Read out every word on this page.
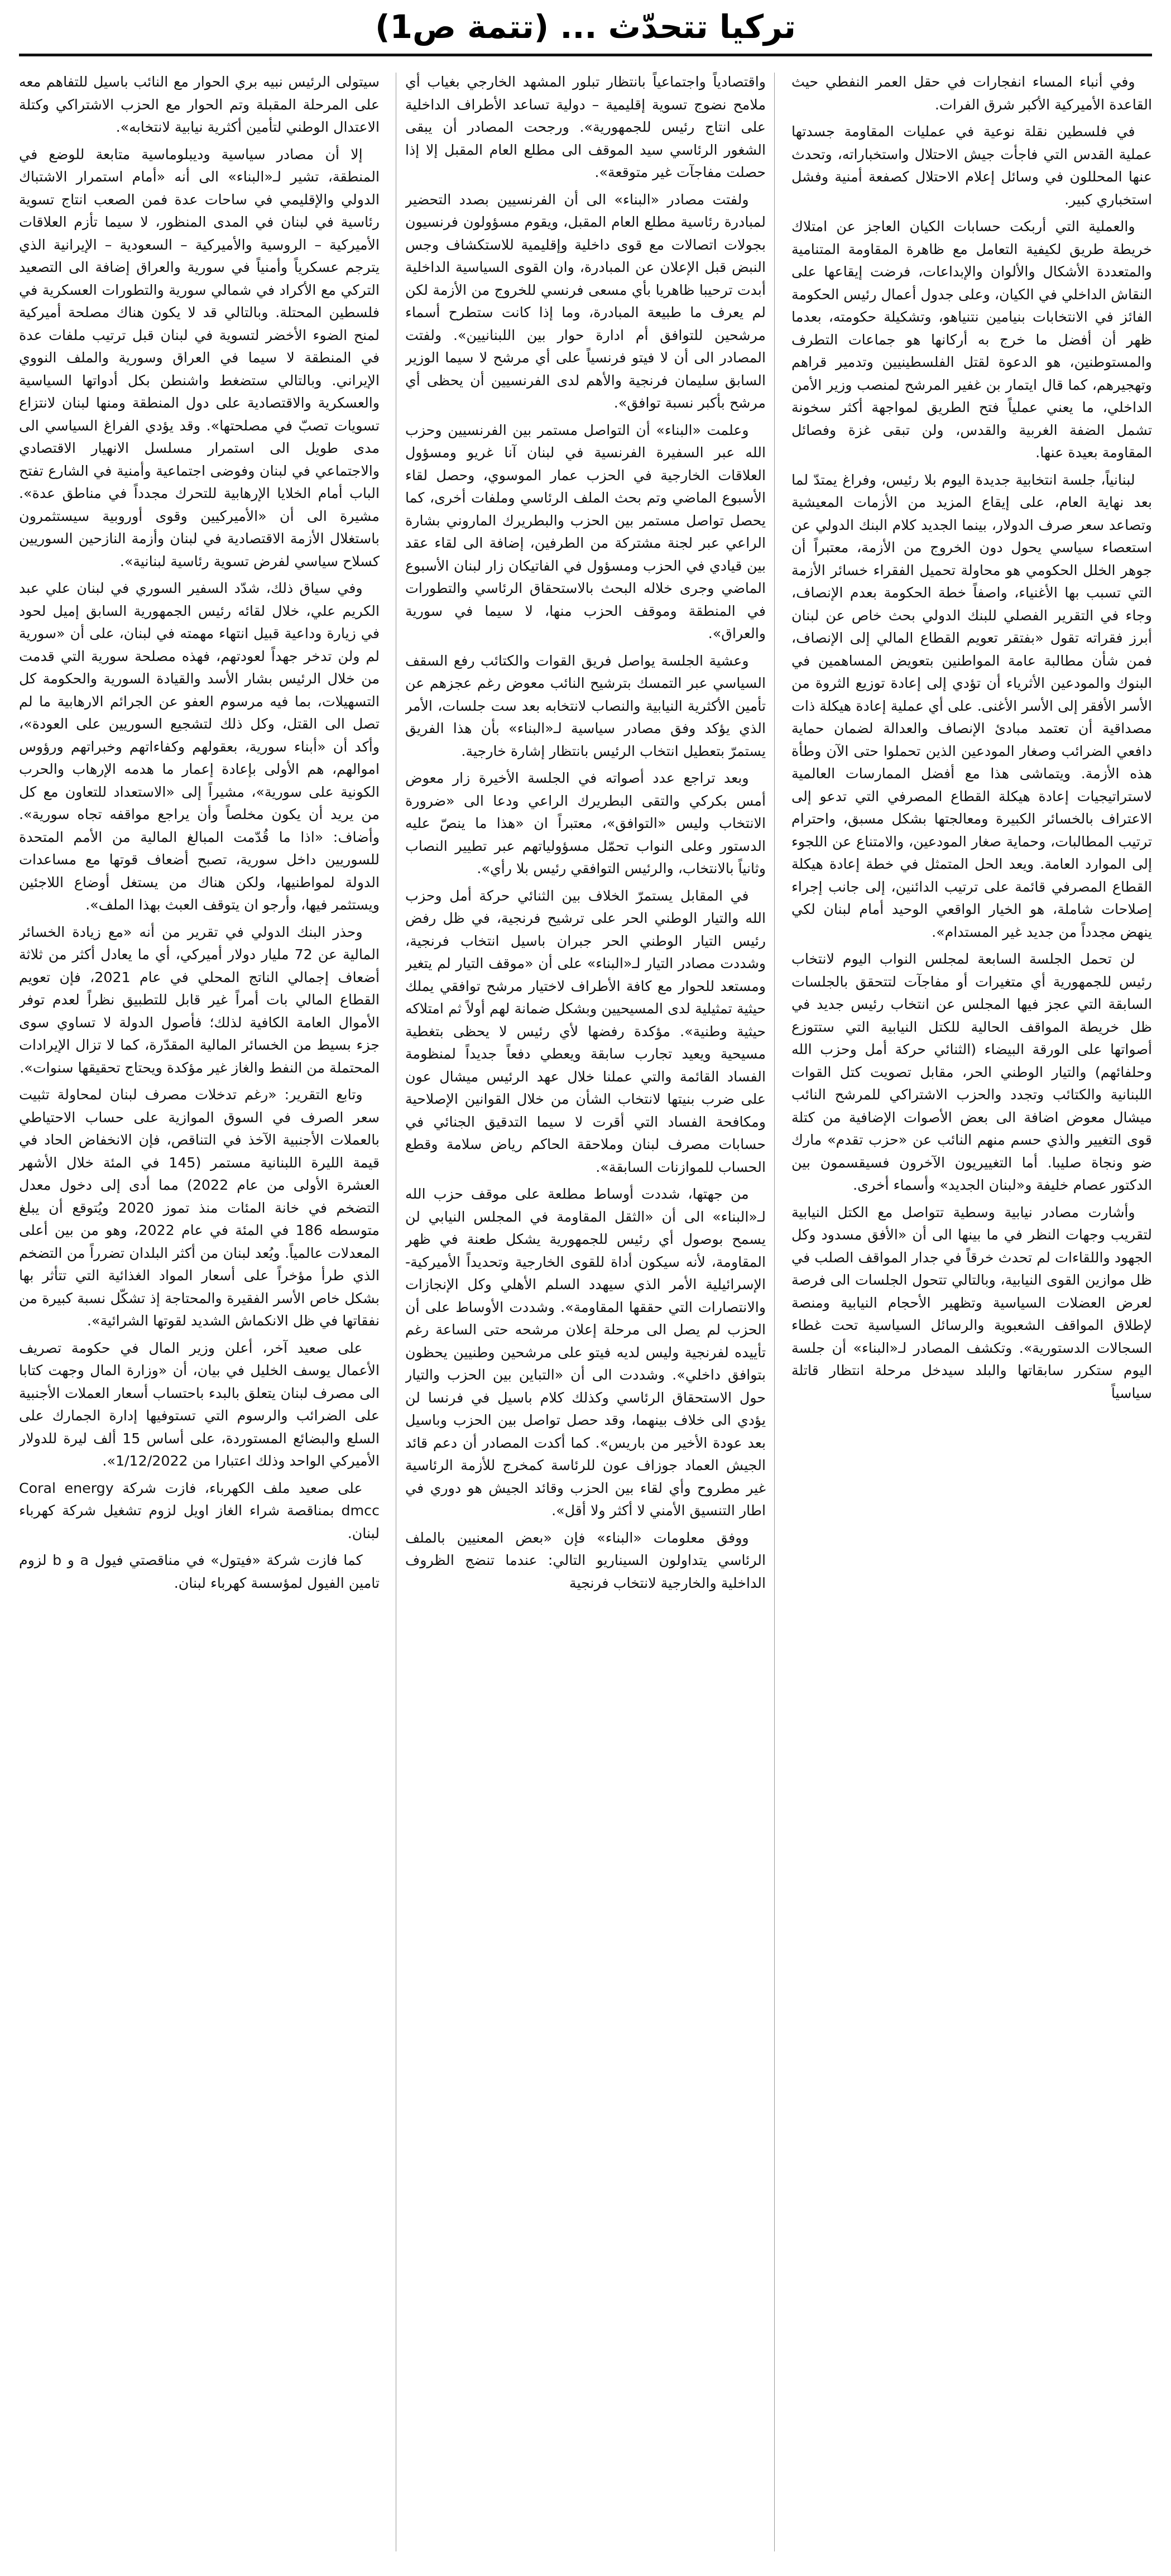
تركيا تتحدّث ... (تتمة ص1)

وفي أنباء المساء انفجارات في حقل العمر النفطي حيث القاعدة الأميركية الأكبر شرق الفرات.

في فلسطين نقلة نوعية في عمليات المقاومة جسدتها عملية القدس التي فاجأت جيش الاحتلال واستخباراته، وتحدث عنها المحللون في وسائل إعلام الاحتلال كصفعة أمنية وفشل استخباري كبير.

والعملية التي أربكت حسابات الكيان العاجز عن امتلاك خريطة طريق لكيفية التعامل مع ظاهرة المقاومة المتنامية والمتعددة الأشكال والألوان والإبداعات، فرضت إيقاعها على النقاش الداخلي في الكيان، وعلى جدول أعمال رئيس الحكومة الفائز في الانتخابات بنيامين نتنياهو، وتشكيلة حكومته، بعدما ظهر أن أفضل ما خرج به أركانها هو جماعات التطرف والمستوطنين، هو الدعوة لقتل الفلسطينيين وتدمير قراهم وتهجيرهم، كما قال ايتمار بن غفير المرشح لمنصب وزير الأمن الداخلي، ما يعني عملياً فتح الطريق لمواجهة أكثر سخونة تشمل الضفة الغربية والقدس، ولن تبقى غزة وفصائل المقاومة بعيدة عنها.

لبنانياً، جلسة انتخابية جديدة اليوم بلا رئيس، وفراغ يمتدّ لما بعد نهاية العام، على إيقاع المزيد من الأزمات المعيشية وتصاعد سعر صرف الدولار، بينما الجديد كلام البنك الدولي عن استعصاء سياسي يحول دون الخروج من الأزمة، معتبراً أن جوهر الخلل الحكومي هو محاولة تحميل الفقراء خسائر الأزمة التي تسبب بها الأغنياء، واصفاً خطة الحكومة بعدم الإنصاف، وجاء في التقرير الفصلي للبنك الدولي بحث خاص عن لبنان أبرز فقراته تقول «بفتقر تعويم القطاع المالي إلى الإنصاف، فمن شأن مطالبة عامة المواطنين بتعويض المساهمين في البنوك والمودعين الأثرياء أن تؤدي إلى إعادة توزيع الثروة من الأسر الأفقر إلى الأسر الأغنى. على أي عملية إعادة هيكلة ذات مصداقية أن تعتمد مبادئ الإنصاف والعدالة لضمان حماية دافعي الضرائب وصغار المودعين الذين تحملوا حتى الآن وطأة هذه الأزمة. ويتماشى هذا مع أفضل الممارسات العالمية لاستراتيجيات إعادة هيكلة القطاع المصرفي التي تدعو إلى الاعتراف بالخسائر الكبيرة ومعالجتها بشكل مسبق، واحترام ترتيب المطالبات، وحماية صغار المودعين، والامتناع عن اللجوء إلى الموارد العامة. ويعد الحل المتمثل في خطة إعادة هيكلة القطاع المصرفي قائمة على ترتيب الدائنين، إلى جانب إجراء إصلاحات شاملة، هو الخيار الواقعي الوحيد أمام لبنان لكي ينهض مجدداً من جديد غير المستدام».

لن تحمل الجلسة السابعة لمجلس النواب اليوم لانتخاب رئيس للجمهورية أي متغيرات أو مفاجآت لتتحقق بالجلسات السابقة التي عجز فيها المجلس عن انتخاب رئيس جديد في ظل خريطة المواقف الحالية للكتل النيابية التي ستتوزع أصواتها على الورقة البيضاء (الثنائي حركة أمل وحزب الله وحلفائهم) والتيار الوطني الحر، مقابل تصويت كتل القوات اللبنانية والكتائب وتجدد والحزب الاشتراكي للمرشح النائب ميشال معوض اضافة الى بعض الأصوات الإضافية من كتلة قوى التغيير والذي حسم منهم النائب عن «حزب تقدم» مارك ضو ونجاة صليبا. أما التغييريون الآخرون فسيقسمون بين الدكتور عصام خليفة و«لبنان الجديد» وأسماء أخرى.

وأشارت مصادر نيابية وسطية تتواصل مع الكتل النيابية لتقريب وجهات النظر في ما بينها الى أن «الأفق مسدود وكل الجهود واللقاءات لم تحدث خرقاً في جدار المواقف الصلب في ظل موازين القوى النيابية، وبالتالي تتحول الجلسات الى فرصة لعرض العضلات السياسية وتظهير الأحجام النيابية ومنصة لإطلاق المواقف الشعبوية والرسائل السياسية تحت غطاء السجالات الدستورية». وتكشف المصادر لـ«البناء» أن جلسة اليوم ستكرر سابقاتها والبلد سيدخل مرحلة انتظار قاتلة سياسياً

واقتصادياً واجتماعياً بانتظار تبلور المشهد الخارجي بغياب أي ملامح نضوج تسوية إقليمية – دولية تساعد الأطراف الداخلية على انتاج رئيس للجمهورية». ورجحت المصادر أن يبقى الشغور الرئاسي سيد الموقف الى مطلع العام المقبل إلا إذا حصلت مفاجآت غير متوقعة».

ولفتت مصادر «البناء» الى أن الفرنسيين بصدد التحضير لمبادرة رئاسية مطلع العام المقبل، ويقوم مسؤولون فرنسيون بجولات اتصالات مع قوى داخلية وإقليمية للاستكشاف وجس النبض قبل الإعلان عن المبادرة، وان القوى السياسية الداخلية أبدت ترحيبا ظاهريا بأي مسعى فرنسي للخروج من الأزمة لكن لم يعرف ما طبيعة المبادرة، وما إذا كانت ستطرح أسماء مرشحين للتوافق أم ادارة حوار بين اللبنانيين». ولفتت المصادر الى أن لا فيتو فرنسياً على أي مرشح لا سيما الوزير السابق سليمان فرنجية والأهم لدى الفرنسيين أن يحظى أي مرشح بأكبر نسبة توافق».

وعلمت «البناء» أن التواصل مستمر بين الفرنسيين وحزب الله عبر السفيرة الفرنسية في لبنان آنا غريو ومسؤول العلاقات الخارجية في الحزب عمار الموسوي، وحصل لقاء الأسبوع الماضي وتم بحث الملف الرئاسي وملفات أخرى، كما يحصل تواصل مستمر بين الحزب والبطريرك الماروني بشارة الراعي عبر لجنة مشتركة من الطرفين، إضافة الى لقاء عقد بين قيادي في الحزب ومسؤول في الفاتيكان زار لبنان الأسبوع الماضي وجرى خلاله البحث بالاستحقاق الرئاسي والتطورات في المنطقة وموقف الحزب منها، لا سيما في سورية والعراق».

وعشية الجلسة يواصل فريق القوات والكتائب رفع السقف السياسي عبر التمسك بترشيح النائب معوض رغم عجزهم عن تأمين الأكثرية النيابية والنصاب لانتخابه بعد ست جلسات، الأمر الذي يؤكد وفق مصادر سياسية لـ«البناء» بأن هذا الفريق يستمرّ بتعطيل انتخاب الرئيس بانتظار إشارة خارجية.

وبعد تراجع عدد أصواته في الجلسة الأخيرة زار معوض أمس بكركي والتقى البطريرك الراعي ودعا الى «ضرورة الانتخاب وليس «التوافق»، معتبراً ان «هذا ما ينصّ عليه الدستور وعلى النواب تحمّل مسؤولياتهم عبر تطيير النصاب وثانياً بالانتخاب، والرئيس التوافقي رئيس بلا رأي».

في المقابل يستمرّ الخلاف بين الثنائي حركة أمل وحزب الله والتيار الوطني الحر على ترشيح فرنجية، في ظل رفض رئيس التيار الوطني الحر جبران باسيل انتخاب فرنجية، وشددت مصادر التيار لـ«البناء» على أن «موقف التيار لم يتغير ومستعد للحوار مع كافة الأطراف لاختيار مرشح توافقي يملك حيثية تمثيلية لدى المسيحيين وبشكل ضمانة لهم أولاً ثم امتلاكه حيثية وطنية». مؤكدة رفضها لأي رئيس لا يحظى بتغطية مسيحية ويعيد تجارب سابقة ويعطي دفعاً جديداً لمنظومة الفساد القائمة والتي عملنا خلال عهد الرئيس ميشال عون على ضرب بنيتها لانتخاب الشأن من خلال القوانين الإصلاحية ومكافحة الفساد التي أقرت لا سيما التدقيق الجنائي في حسابات مصرف لبنان وملاحقة الحاكم رياض سلامة وقطع الحساب للموازنات السابقة».

من جهتها، شددت أوساط مطلعة على موقف حزب الله لـ«البناء» الى أن «الثقل المقاومة في المجلس النيابي لن يسمح بوصول أي رئيس للجمهورية يشكل طعنة في ظهر المقاومة، لأنه سيكون أداة للقوى الخارجية وتحديداً الأميركية-الإسرائيلية الأمر الذي سيهدد السلم الأهلي وكل الإنجازات والانتصارات التي حققها المقاومة». وشددت الأوساط على أن الحزب لم يصل الى مرحلة إعلان مرشحه حتى الساعة رغم تأييده لفرنجية وليس لديه فيتو على مرشحين وطنيين يحظون بتوافق داخلي». وشددت الى أن «التباين بين الحزب والتيار حول الاستحقاق الرئاسي وكذلك كلام باسيل في فرنسا لن يؤدي الى خلاف بينهما، وقد حصل تواصل بين الحزب وباسيل بعد عودة الأخير من باريس». كما أكدت المصادر أن دعم قائد الجيش العماد جوزاف عون للرئاسة كمخرج للأزمة الرئاسية غير مطروح وأي لقاء بين الحزب وقائد الجيش هو دوري في اطار التنسيق الأمني لا أكثر ولا أقل».

ووفق معلومات «البناء» فإن «بعض المعنيين بالملف الرئاسي يتداولون السيناريو التالي: عندما تنضج الظروف الداخلية والخارجية لانتخاب فرنجية

سيتولى الرئيس نبيه بري الحوار مع النائب باسيل للتفاهم معه على المرحلة المقبلة وتم الحوار مع الحزب الاشتراكي وكتلة الاعتدال الوطني لتأمين أكثرية نيابية لانتخابه».

إلا أن مصادر سياسية وديبلوماسية متابعة للوضع في المنطقة، تشير لـ«البناء» الى أنه «أمام استمرار الاشتباك الدولي والإقليمي في ساحات عدة فمن الصعب انتاج تسوية رئاسية في لبنان في المدى المنظور، لا سيما تأزم العلاقات الأميركية – الروسية والأميركية – السعودية – الإيرانية الذي يترجم عسكرياً وأمنياً في سورية والعراق إضافة الى التصعيد التركي مع الأكراد في شمالي سورية والتطورات العسكرية في فلسطين المحتلة. وبالتالي قد لا يكون هناك مصلحة أميركية لمنح الضوء الأخضر لتسوية في لبنان قبل ترتيب ملفات عدة في المنطقة لا سيما في العراق وسورية والملف النووي الإيراني. وبالتالي ستضغط واشنطن بكل أدواتها السياسية والعسكرية والاقتصادية على دول المنطقة ومنها لبنان لانتزاع تسويات تصبّ في مصلحتها». وقد يؤدي الفراغ السياسي الى مدى طويل الى استمرار مسلسل الانهيار الاقتصادي والاجتماعي في لبنان وفوضى اجتماعية وأمنية في الشارع تفتح الباب أمام الخلايا الإرهابية للتحرك مجدداً في مناطق عدة». مشيرة الى أن «الأميركيين وقوى أوروبية سيستثمرون باستغلال الأزمة الاقتصادية في لبنان وأزمة النازحين السوريين كسلاح سياسي لفرض تسوية رئاسية لبنانية».

وفي سياق ذلك، شدّد السفير السوري في لبنان علي عبد الكريم علي، خلال لقائه رئيس الجمهورية السابق إميل لحود في زيارة وداعية قبيل انتهاء مهمته في لبنان، على أن «سورية لم ولن تدخر جهداً لعودتهم، فهذه مصلحة سورية التي قدمت من خلال الرئيس بشار الأسد والقيادة السورية والحكومة كل التسهيلات، بما فيه مرسوم العفو عن الجرائم الارهابية ما لم تصل الى القتل، وكل ذلك لتشجيع السوريين على العودة»، وأكد أن «أبناء سورية، بعقولهم وكفاءاتهم وخبراتهم ورؤوس اموالهم، هم الأولى بإعادة إعمار ما هدمه الإرهاب والحرب الكونية على سورية»، مشيراً إلى «الاستعداد للتعاون مع كل من يريد أن يكون مخلصاً وأن يراجع مواقفه تجاه سورية». وأضاف: «اذا ما قُدّمت المبالغ المالية من الأمم المتحدة للسوريين داخل سورية، تصبح أضعاف قوتها مع مساعدات الدولة لمواطنيها، ولكن هناك من يستغل أوضاع اللاجئين ويستثمر فيها، وأرجو ان يتوقف العبث بهذا الملف».

وحذر البنك الدولي في تقرير من أنه «مع زيادة الخسائر المالية عن 72 مليار دولار أميركي، أي ما يعادل أكثر من ثلاثة أضعاف إجمالي الناتج المحلي في عام 2021، فإن تعويم القطاع المالي بات أمراً غير قابل للتطبيق نظراً لعدم توفر الأموال العامة الكافية لذلك؛ فأصول الدولة لا تساوي سوى جزء بسيط من الخسائر المالية المقدّرة، كما لا تزال الإيرادات المحتملة من النفط والغاز غير مؤكدة ويحتاج تحقيقها سنوات».

وتابع التقرير: «رغم تدخلات مصرف لبنان لمحاولة تثبيت سعر الصرف في السوق الموازية على حساب الاحتياطي بالعملات الأجنبية الآخذ في التناقص، فإن الانخفاض الحاد في قيمة الليرة اللبنانية مستمر (145 في المئة خلال الأشهر العشرة الأولى من عام 2022) مما أدى إلى دخول معدل التضخم في خانة المئات منذ تموز 2020 ويُتوقع أن يبلغ متوسطه 186 في المئة في عام 2022، وهو من بين أعلى المعدلات عالمياً. ويُعد لبنان من أكثر البلدان تضرراً من التضخم الذي طرأ مؤخراً على أسعار المواد الغذائية التي تتأثر بها بشكل خاص الأسر الفقيرة والمحتاجة إذ تشكّل نسبة كبيرة من نفقاتها في ظل الانكماش الشديد لقوتها الشرائية».

على صعيد آخر، أعلن وزير المال في حكومة تصريف الأعمال يوسف الخليل في بيان، أن «وزارة المال وجهت كتابا الى مصرف لبنان يتعلق بالبدء باحتساب أسعار العملات الأجنبية على الضرائب والرسوم التي تستوفيها إدارة الجمارك على السلع والبضائع المستوردة، على أساس 15 ألف ليرة للدولار الأميركي الواحد وذلك اعتبارا من 1/12/2022».

على صعيد ملف الكهرباء، فازت شركة Coral energy dmcc بمناقصة شراء الغاز اويل لزوم تشغيل شركة كهرباء لبنان.

كما فازت شركة «فيتول» في مناقصتي فيول a و b لزوم تامين الفيول لمؤسسة كهرباء لبنان.
